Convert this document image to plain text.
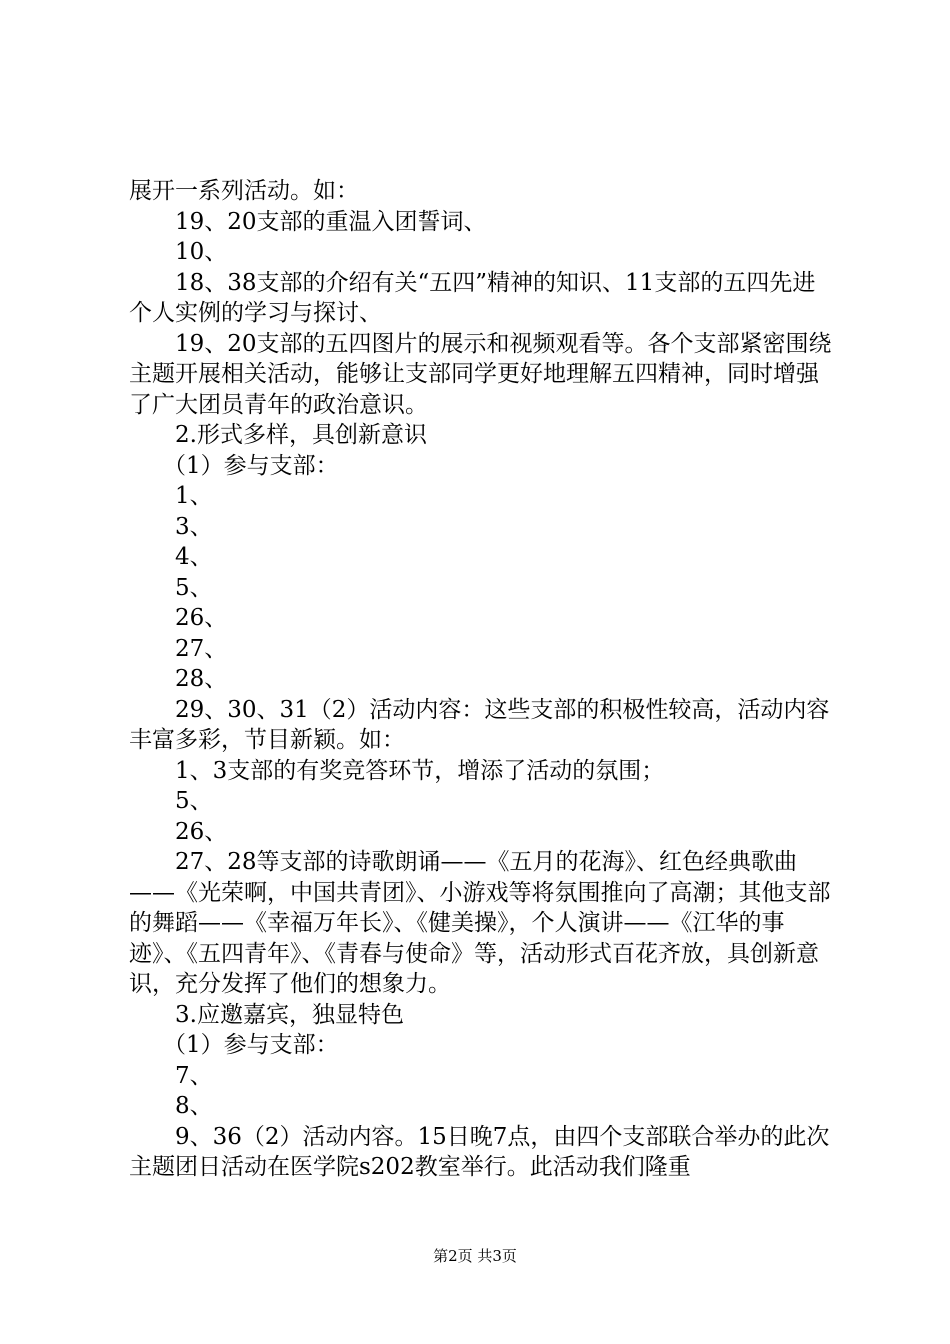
展开一系列活动。如：

19、20支部的重温入团誓词、

10、

18、38支部的介绍有关“五四”精神的知识、11支部的五四先进个人实例的学习与探讨、

19、20支部的五四图片的展示和视频观看等。各个支部紧密围绕主题开展相关活动，能够让支部同学更好地理解五四精神，同时增强了广大团员青年的政治意识。

2.形式多样，具创新意识

（1）参与支部：

1、

3、

4、

5、

26、

27、

28、

29、30、31（2）活动内容：这些支部的积极性较高，活动内容丰富多彩，节目新颖。如：

1、3支部的有奖竞答环节，增添了活动的氛围；

5、

26、

27、28等支部的诗歌朗诵——《五月的花海》、红色经典歌曲——《光荣啊，中国共青团》、小游戏等将氛围推向了高潮；其他支部的舞蹈——《幸福万年长》、《健美操》，个人演讲——《江华的事迹》、《五四青年》、《青春与使命》等，活动形式百花齐放，具创新意识，充分发挥了他们的想象力。

3.应邀嘉宾，独显特色

（1）参与支部：

7、

8、

9、36（2）活动内容。15日晚7点，由四个支部联合举办的此次主题团日活动在医学院s202教室举行。此活动我们隆重

第2页 共3页
